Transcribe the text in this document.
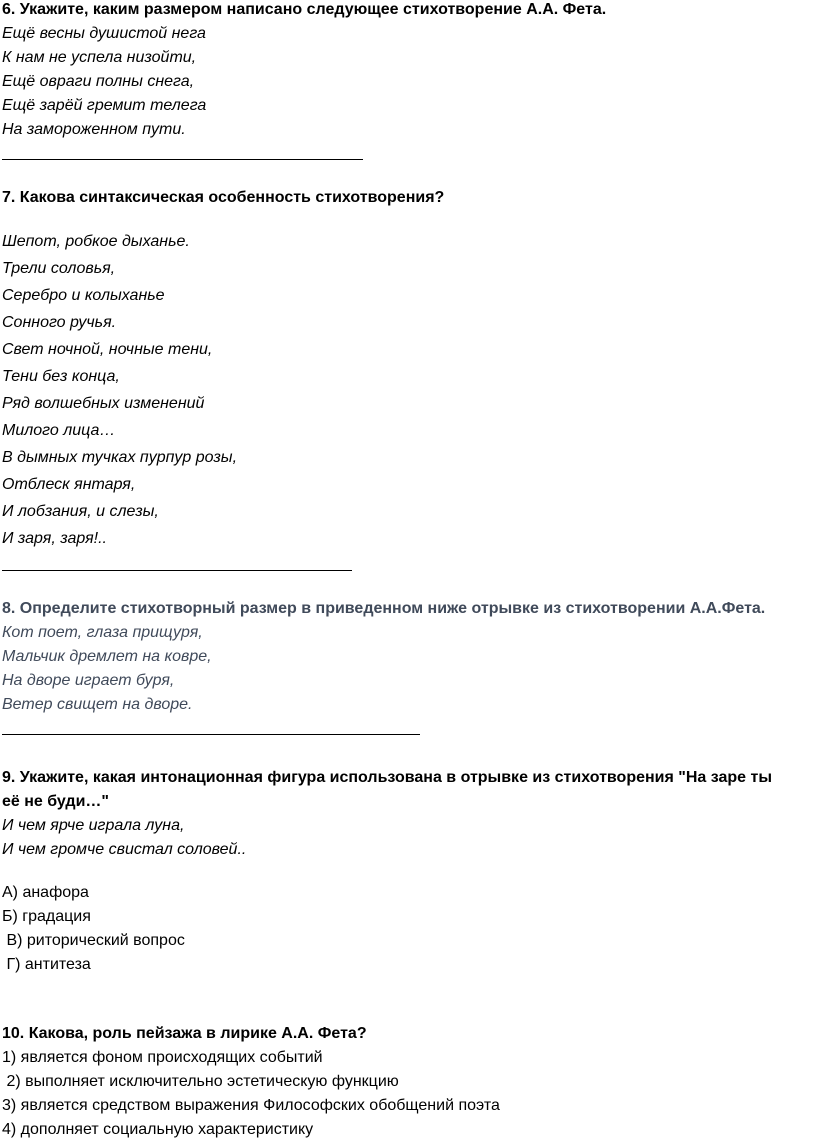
6. Укажите, каким размером написано следующее стихотворение А.А. Фета.
Ещё весны душистой нега
К нам не успела низойти,
Ещё овраги полны снега,
Ещё зарёй гремит телега
На замороженном пути.
7. Какова синтаксическая особенность стихотворения?
Шепот, робкое дыханье.
Трели соловья,
Серебро и колыханье
Сонного ручья.
Свет ночной, ночные тени,
Тени без конца,
Ряд волшебных изменений
Милого лица…
В дымных тучках пурпур розы,
Отблеск янтаря,
И лобзания, и слезы,
И заря, заря!..
8. Определите стихотворный размер в приведенном ниже отрывке из стихотворении А.А.Фета.
Кот поет, глаза прищуря,
Мальчик дремлет на ковре,
На дворе играет буря,
Ветер свищет на дворе.
9. Укажите, какая интонационная фигура использована в отрывке из стихотворения "На заре ты
её не буди…"
И чем ярче играла луна,
И чем громче свистал соловей..
А) анафора
Б) градация
В) риторический вопрос
Г) антитеза
10. Какова, роль пейзажа в лирике А.А. Фета?
1) является фоном происходящих событий
2) выполняет исключительно эстетическую функцию
3) является средством выражения Философских обобщений поэта
4) дополняет социальную характеристику
